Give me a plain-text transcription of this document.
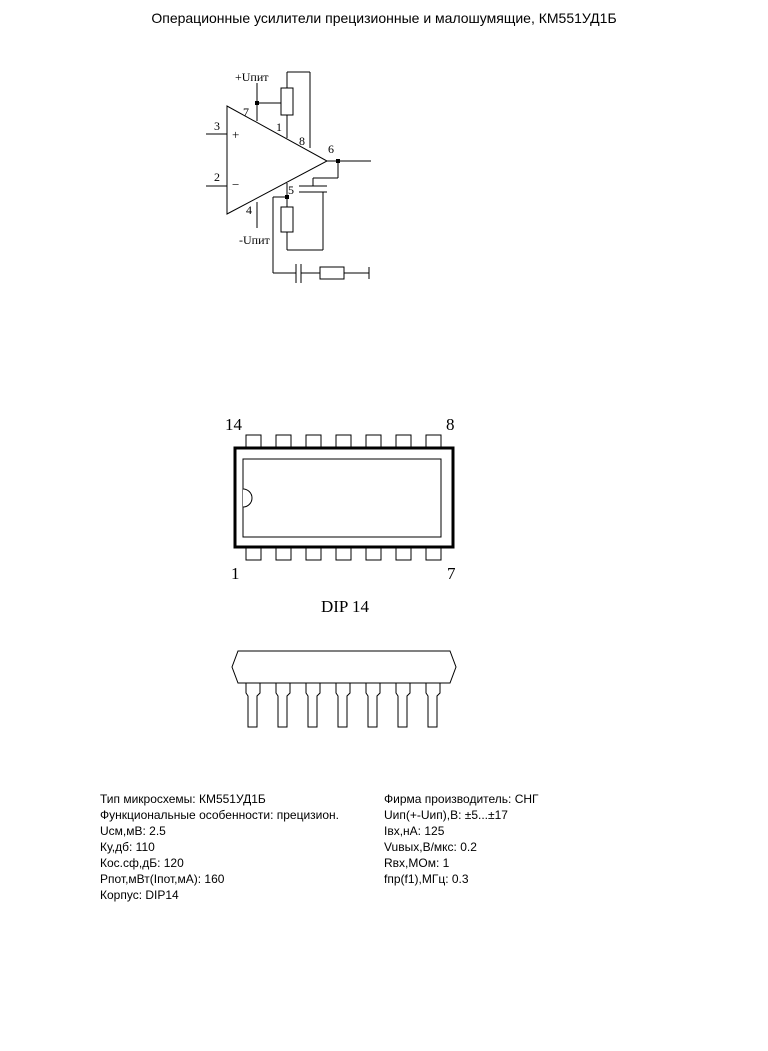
Операционные усилители прецизионные и малошумящие, КМ551УД1Б
+Uпит
-Uпит
7
1
8
3
2
6
5
4
+
−
14	8
1	7
DIP 14
Тип микросхемы: КМ551УД1Б
Функциональные особенности: прецизион.
Uсм,мВ: 2.5
Ку,дб: 110
Кос.сф,дБ: 120
Рпот,мВт(Iпот,мА): 160
Корпус: DIP14
Фирма производитель: СНГ
Uип(+-Uип),В: ±5...±17
Iвх,нА: 125
Vuвых,В/мкс: 0.2
Rвх,МОм: 1
fпр(f1),МГц: 0.3
